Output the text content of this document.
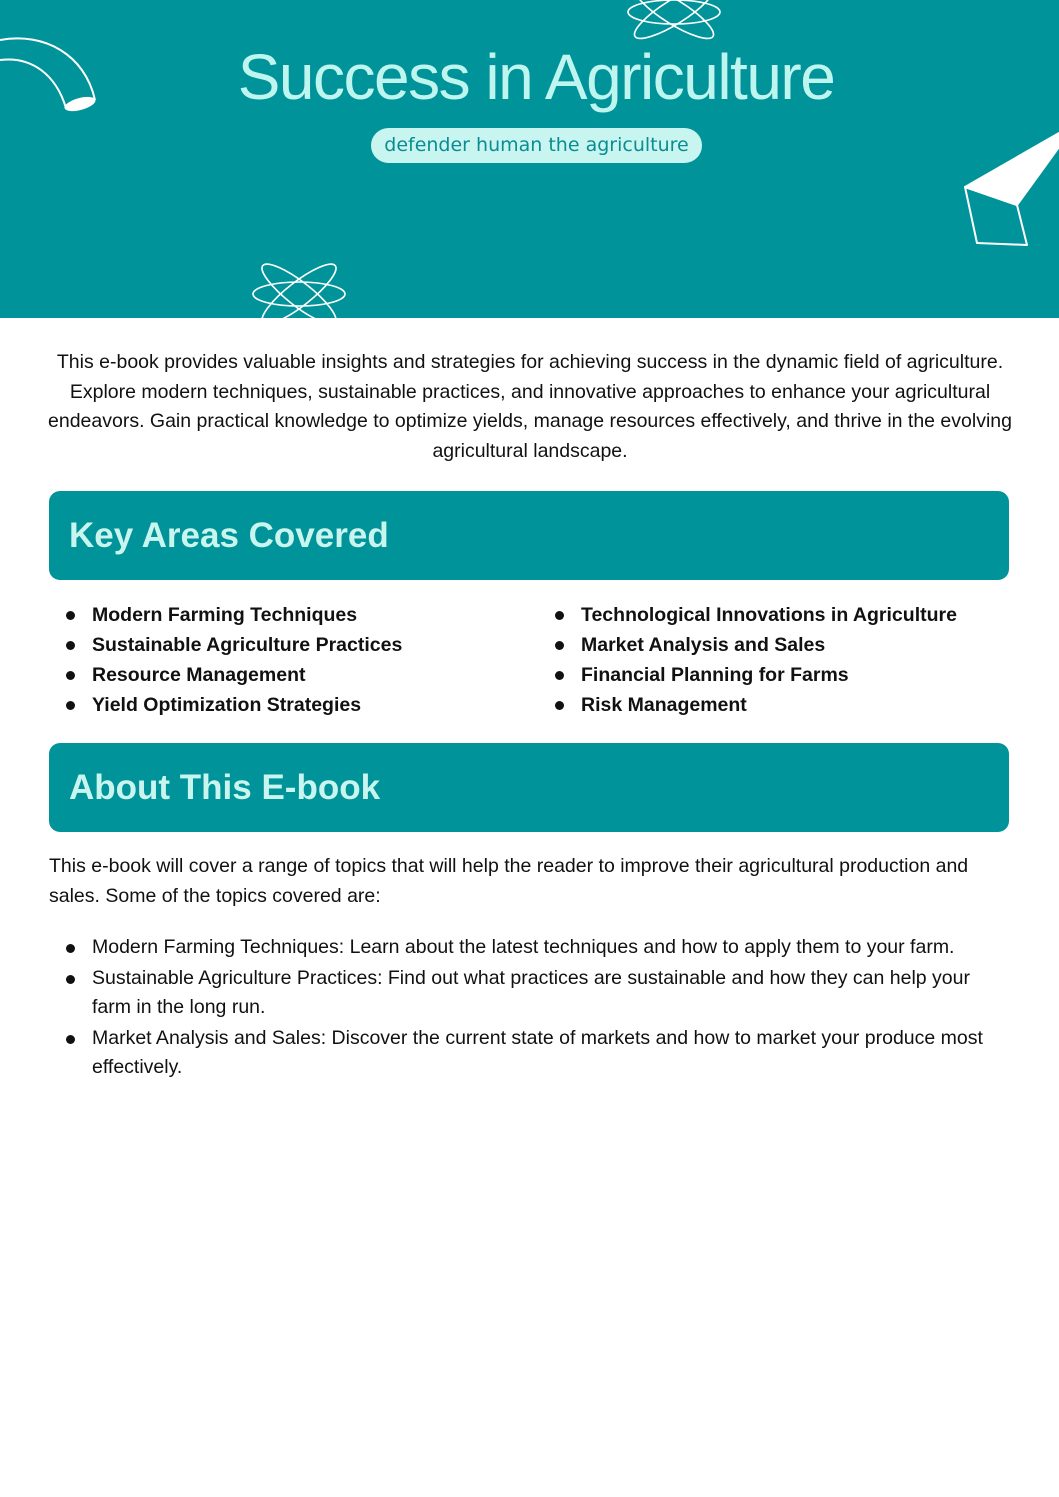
Success in Agriculture
defender human the agriculture

This e-book provides valuable insights and strategies for achieving success in the dynamic field of agriculture. Explore modern techniques, sustainable practices, and innovative approaches to enhance your agricultural endeavors. Gain practical knowledge to optimize yields, manage resources effectively, and thrive in the evolving agricultural landscape.

Key Areas Covered
Modern Farming Techniques
Sustainable Agriculture Practices
Resource Management
Yield Optimization Strategies
Technological Innovations in Agriculture
Market Analysis and Sales
Financial Planning for Farms
Risk Management
About This E-book

This e-book will cover a range of topics that will help the reader to improve their agricultural production and sales. Some of the topics covered are:

Modern Farming Techniques: Learn about the latest techniques and how to apply them to your farm.
Sustainable Agriculture Practices: Find out what practices are sustainable and how they can help your farm in the long run.
Market Analysis and Sales: Discover the current state of markets and how to market your produce most effectively.
